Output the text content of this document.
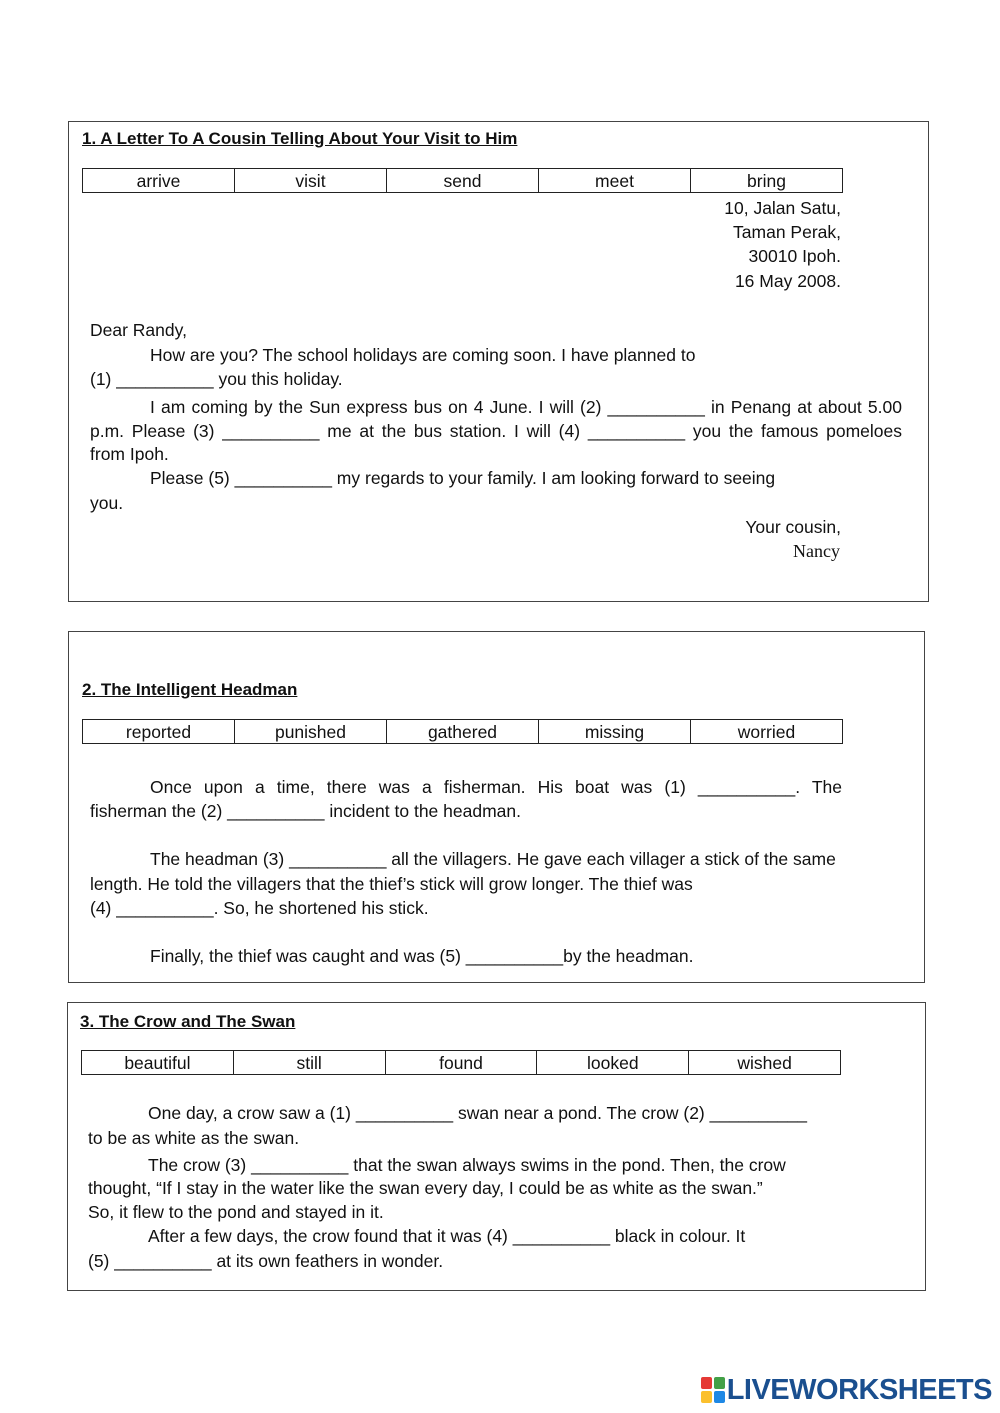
1. A Letter To A Cousin Telling About Your Visit to Him
arrive	visit	send	meet	bring
10, Jalan Satu,
Taman Perak,
30010 Ipoh.
16 May 2008.
Dear Randy,
How are you? The school holidays are coming soon. I have planned to
(1) __________ you this holiday.
I am coming by the Sun express bus on 4 June. I will (2) __________ in Penang at about 5.00
p.m. Please (3) __________ me at the bus station. I will (4) __________ you the famous pomeloes
from Ipoh.
Please (5) __________ my regards to your family. I am looking forward to seeing
you.
Your cousin,
Nancy
2. The Intelligent Headman
reported	punished	gathered	missing	worried
Once upon a time, there was a fisherman. His boat was (1) __________. The
fisherman the (2) __________ incident to the headman.
The headman (3) __________ all the villagers. He gave each villager a stick of the same
length. He told the villagers that the thief’s stick will grow longer. The thief was
(4) __________. So, he shortened his stick.
Finally, the thief was caught and was (5) __________by the headman.
3. The Crow and The Swan
beautiful	still	found	looked	wished
One day, a crow saw a (1) __________ swan near a pond. The crow (2) __________
to be as white as the swan.
The crow (3) __________ that the swan always swims in the pond. Then, the crow
thought, “If I stay in the water like the swan every day, I could be as white as the swan.”
So, it flew to the pond and stayed in it.
After a few days, the crow found that it was (4) __________ black in colour. It
(5) __________ at its own feathers in wonder.
LIVEWORKSHEETS
